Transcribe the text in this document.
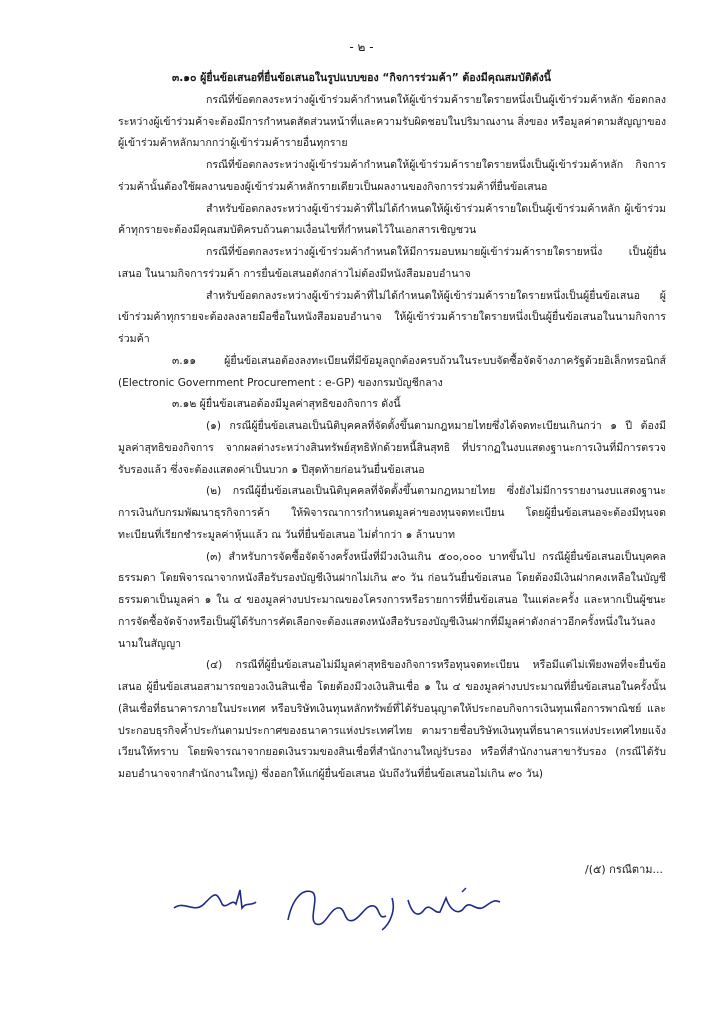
- ๒ -

๓.๑๐ ผู้ยื่นข้อเสนอที่ยื่นข้อเสนอในรูปแบบของ “กิจการร่วมค้า” ต้องมีคุณสมบัติดังนี้

กรณีที่ข้อตกลงระหว่างผู้เข้าร่วมค้ากำหนดให้ผู้เข้าร่วมค้ารายใดรายหนึ่งเป็นผู้เข้าร่วมค้าหลัก ข้อตกลงระหว่างผู้เข้าร่วมค้าจะต้องมีการกำหนดสัดส่วนหน้าที่และความรับผิดชอบในปริมาณงาน สิ่งของ หรือมูลค่าตามสัญญาของผู้เข้าร่วมค้าหลักมากกว่าผู้เข้าร่วมค้ารายอื่นทุกราย

กรณีที่ข้อตกลงระหว่างผู้เข้าร่วมค้ากำหนดให้ผู้เข้าร่วมค้ารายใดรายหนึ่งเป็นผู้เข้าร่วมค้าหลัก กิจการร่วมค้านั้นต้องใช้ผลงานของผู้เข้าร่วมค้าหลักรายเดียวเป็นผลงานของกิจการร่วมค้าที่ยื่นข้อเสนอ

สำหรับข้อตกลงระหว่างผู้เข้าร่วมค้าที่ไม่ได้กำหนดให้ผู้เข้าร่วมค้ารายใดเป็นผู้เข้าร่วมค้าหลัก ผู้เข้าร่วมค้าทุกรายจะต้องมีคุณสมบัติครบถ้วนตามเงื่อนไขที่กำหนดไว้ในเอกสารเชิญชวน

กรณีที่ข้อตกลงระหว่างผู้เข้าร่วมค้ากำหนดให้มีการมอบหมายผู้เข้าร่วมค้ารายใดรายหนึ่ง เป็นผู้ยื่นเสนอ ในนามกิจการร่วมค้า การยื่นข้อเสนอดังกล่าวไม่ต้องมีหนังสือมอบอำนาจ

สำหรับข้อตกลงระหว่างผู้เข้าร่วมค้าที่ไม่ได้กำหนดให้ผู้เข้าร่วมค้ารายใดรายหนึ่งเป็นผู้ยื่นข้อเสนอ ผู้เข้าร่วมค้าทุกรายจะต้องลงลายมือชื่อในหนังสือมอบอำนาจ ให้ผู้เข้าร่วมค้ารายใดรายหนึ่งเป็นผู้ยื่นข้อเสนอในนามกิจการร่วมค้า

๓.๑๑ ผู้ยื่นข้อเสนอต้องลงทะเบียนที่มีข้อมูลถูกต้องครบถ้วนในระบบจัดซื้อจัดจ้างภาครัฐด้วยอิเล็กทรอนิกส์ (Electronic Government Procurement : e-GP) ของกรมบัญชีกลาง

๓.๑๒ ผู้ยื่นข้อเสนอต้องมีมูลค่าสุทธิของกิจการ ดังนี้

(๑) กรณีผู้ยื่นข้อเสนอเป็นนิติบุคคลที่จัดตั้งขึ้นตามกฎหมายไทยซึ่งได้จดทะเบียนเกินกว่า ๑ ปี ต้องมีมูลค่าสุทธิของกิจการ จากผลต่างระหว่างสินทรัพย์สุทธิหักด้วยหนี้สินสุทธิ ที่ปรากฏในงบแสดงฐานะการเงินที่มีการตรวจรับรองแล้ว ซึ่งจะต้องแสดงค่าเป็นบวก ๑ ปีสุดท้ายก่อนวันยื่นข้อเสนอ

(๒) กรณีผู้ยื่นข้อเสนอเป็นนิติบุคคลที่จัดตั้งขึ้นตามกฎหมายไทย ซึ่งยังไม่มีการรายงานงบแสดงฐานะการเงินกับกรมพัฒนาธุรกิจการค้า ให้พิจารณาการกำหนดมูลค่าของทุนจดทะเบียน โดยผู้ยื่นข้อเสนอจะต้องมีทุนจดทะเบียนที่เรียกชำระมูลค่าหุ้นแล้ว ณ วันที่ยื่นข้อเสนอ ไม่ต่ำกว่า ๑ ล้านบาท

(๓) สำหรับการจัดซื้อจัดจ้างครั้งหนึ่งที่มีวงเงินเกิน ๕๐๐,๐๐๐ บาทขึ้นไป กรณีผู้ยื่นข้อเสนอเป็นบุคคลธรรมดา โดยพิจารณาจากหนังสือรับรองบัญชีเงินฝากไม่เกิน ๙๐ วัน ก่อนวันยื่นข้อเสนอ โดยต้องมีเงินฝากคงเหลือในบัญชีธรรมดาเป็นมูลค่า ๑ ใน ๔ ของมูลค่างบประมาณของโครงการหรือรายการที่ยื่นข้อเสนอ ในแต่ละครั้ง และหากเป็นผู้ชนะการจัดซื้อจัดจ้างหรือเป็นผู้ได้รับการคัดเลือกจะต้องแสดงหนังสือรับรองบัญชีเงินฝากที่มีมูลค่าดังกล่าวอีกครั้งหนึ่งในวันลงนามในสัญญา

(๔) กรณีที่ผู้ยื่นข้อเสนอไม่มีมูลค่าสุทธิของกิจการหรือทุนจดทะเบียน หรือมีแต่ไม่เพียงพอที่จะยื่นข้อเสนอ ผู้ยื่นข้อเสนอสามารถขอวงเงินสินเชื่อ โดยต้องมีวงเงินสินเชื่อ ๑ ใน ๔ ของมูลค่างบประมาณที่ยื่นข้อเสนอในครั้งนั้น (สินเชื่อที่ธนาคารภายในประเทศ หรือบริษัทเงินทุนหลักทรัพย์ที่ได้รับอนุญาตให้ประกอบกิจการเงินทุนเพื่อการพาณิชย์ และประกอบธุรกิจค้ำประกันตามประกาศของธนาคารแห่งประเทศไทย ตามรายชื่อบริษัทเงินทุนที่ธนาคารแห่งประเทศไทยแจ้งเวียนให้ทราบ โดยพิจารณาจากยอดเงินรวมของสินเชื่อที่สำนักงานใหญ่รับรอง หรือที่สำนักงานสาขารับรอง (กรณีได้รับมอบอำนาจจากสำนักงานใหญ่) ซึ่งออกให้แก่ผู้ยื่นข้อเสนอ นับถึงวันที่ยื่นข้อเสนอไม่เกิน ๙๐ วัน)

/(๕) กรณีตาม...
